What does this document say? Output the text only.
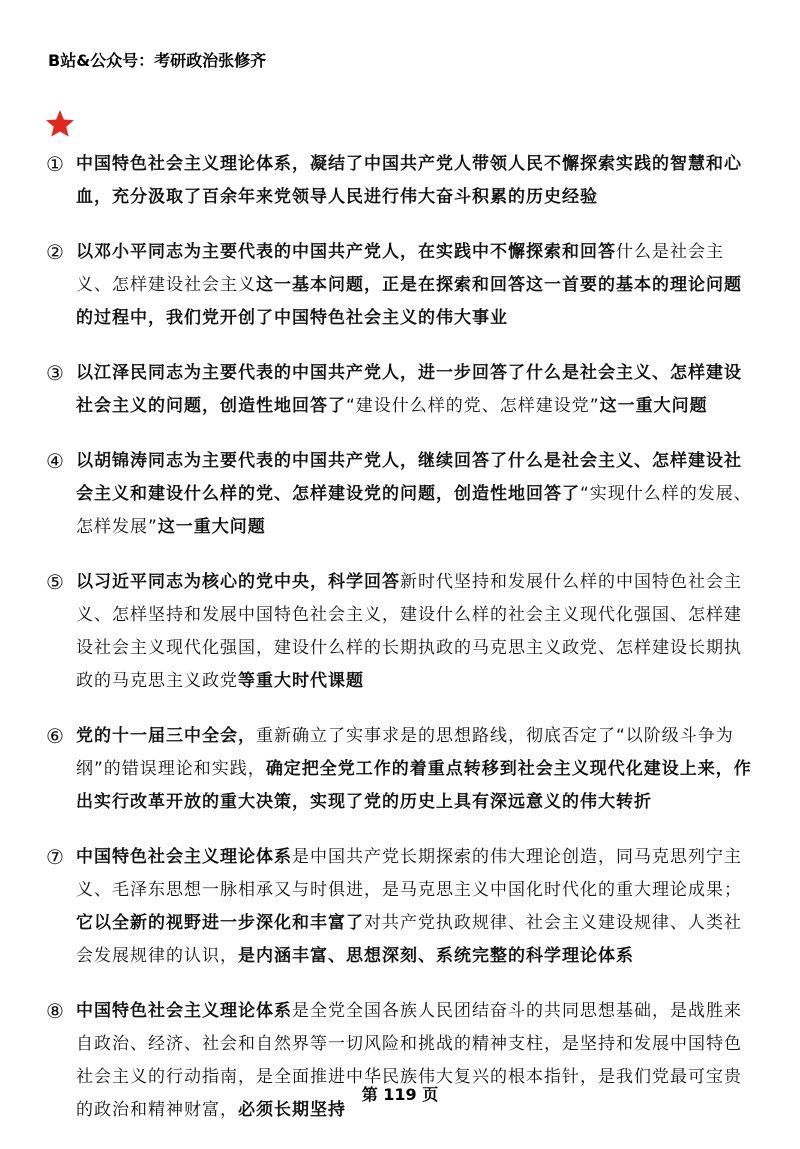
B站&公众号：考研政治张修齐
① 中国特色社会主义理论体系，凝结了中国共产党人带领人民不懈探索实践的智慧和心血，充分汲取了百余年来党领导人民进行伟大奋斗积累的历史经验
② 以邓小平同志为主要代表的中国共产党人，在实践中不懈探索和回答什么是社会主义、怎样建设社会主义这一基本问题，正是在探索和回答这一首要的基本的理论问题的过程中，我们党开创了中国特色社会主义的伟大事业
③ 以江泽民同志为主要代表的中国共产党人，进一步回答了什么是社会主义、怎样建设社会主义的问题，创造性地回答了“建设什么样的党、怎样建设党”这一重大问题
④ 以胡锦涛同志为主要代表的中国共产党人，继续回答了什么是社会主义、怎样建设社会主义和建设什么样的党、怎样建设党的问题，创造性地回答了“实现什么样的发展、怎样发展”这一重大问题
⑤ 以习近平同志为核心的党中央，科学回答新时代坚持和发展什么样的中国特色社会主义、怎样坚持和发展中国特色社会主义，建设什么样的社会主义现代化强国、怎样建设社会主义现代化强国，建设什么样的长期执政的马克思主义政党、怎样建设长期执政的马克思主义政党等重大时代课题
⑥ 党的十一届三中全会，重新确立了实事求是的思想路线，彻底否定了“以阶级斗争为纲”的错误理论和实践，确定把全党工作的着重点转移到社会主义现代化建设上来，作出实行改革开放的重大决策，实现了党的历史上具有深远意义的伟大转折
⑦ 中国特色社会主义理论体系是中国共产党长期探索的伟大理论创造，同马克思列宁主义、毛泽东思想一脉相承又与时俱进，是马克思主义中国化时代化的重大理论成果；它以全新的视野进一步深化和丰富了对共产党执政规律、社会主义建设规律、人类社会发展规律的认识，是内涵丰富、思想深刻、系统完整的科学理论体系
⑧ 中国特色社会主义理论体系是全党全国各族人民团结奋斗的共同思想基础，是战胜来自政治、经济、社会和自然界等一切风险和挑战的精神支柱，是坚持和发展中国特色社会主义的行动指南，是全面推进中华民族伟大复兴的根本指针，是我们党最可宝贵的政治和精神财富，必须长期坚持
第 119 页
